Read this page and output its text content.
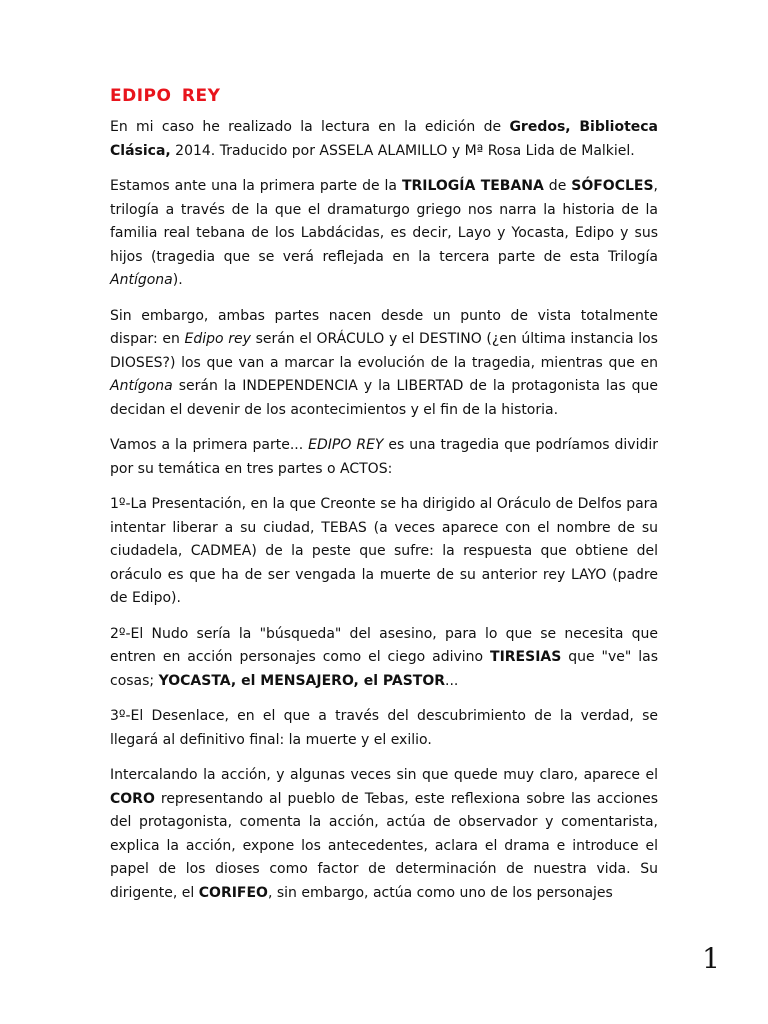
EDIPO REY

En mi caso he realizado la lectura en la edición de Gredos, Biblioteca Clásica, 2014. Traducido por ASSELA ALAMILLO y Mª Rosa Lida de Malkiel.

Estamos ante una la primera parte de la TRILOGÍA TEBANA de SÓFOCLES, trilogía a través de la que el dramaturgo griego nos narra la historia de la familia real tebana de los Labdácidas, es decir, Layo y Yocasta, Edipo y sus hijos (tragedia que se verá reflejada en la tercera parte de esta Trilogía Antígona).

Sin embargo, ambas partes nacen desde un punto de vista totalmente dispar: en Edipo rey serán el ORÁCULO y el DESTINO (¿en última instancia los DIOSES?) los que van a marcar la evolución de la tragedia, mientras que en Antígona serán la INDEPENDENCIA y la LIBERTAD de la protagonista las que decidan el devenir de los acontecimientos y el fin de la historia.

Vamos a la primera parte... EDIPO REY es una tragedia que podríamos dividir por su temática en tres partes o ACTOS:

1º-La Presentación, en la que Creonte se ha dirigido al Oráculo de Delfos para intentar liberar a su ciudad, TEBAS (a veces aparece con el nombre de su ciudadela, CADMEA) de la peste que sufre: la respuesta que obtiene del oráculo es que ha de ser vengada la muerte de su anterior rey LAYO (padre de Edipo).

2º-El Nudo sería la "búsqueda" del asesino, para lo que se necesita que entren en acción personajes como el ciego adivino TIRESIAS que "ve" las cosas; YOCASTA, el MENSAJERO, el PASTOR...

3º-El Desenlace, en el que a través del descubrimiento de la verdad, se llegará al definitivo final: la muerte y el exilio.

Intercalando la acción, y algunas veces sin que quede muy claro, aparece el CORO representando al pueblo de Tebas, este reflexiona sobre las acciones del protagonista, comenta la acción, actúa de observador y comentarista, explica la acción, expone los antecedentes, aclara el drama e introduce el papel de los dioses como factor de determinación de nuestra vida. Su dirigente, el CORIFEO, sin embargo, actúa como uno de los personajes

1
